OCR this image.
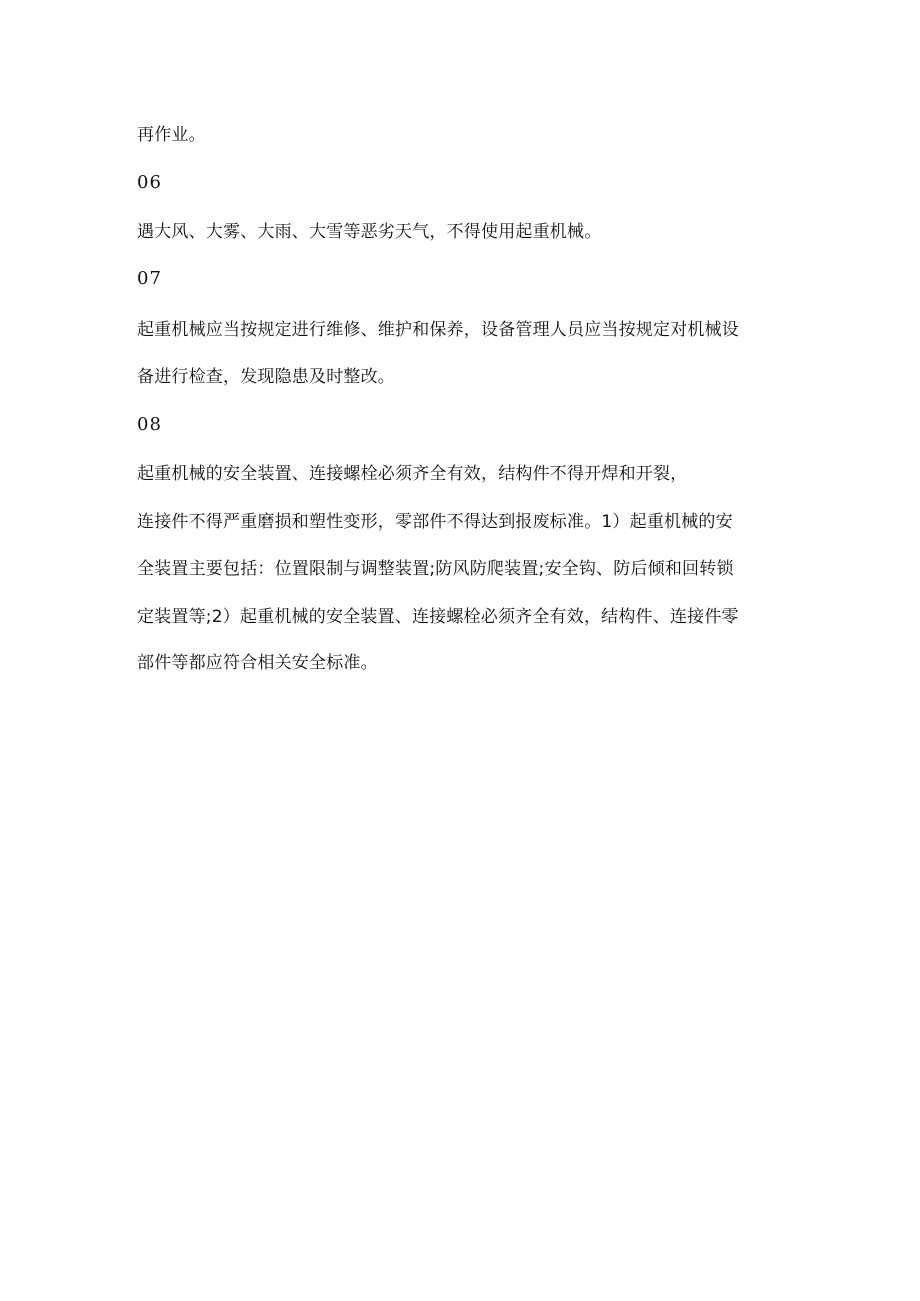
再作业。
06
遇大风、大雾、大雨、大雪等恶劣天气，不得使用起重机械。
07
起重机械应当按规定进行维修、维护和保养，设备管理人员应当按规定对机械设
备进行检查，发现隐患及时整改。
08
起重机械的安全装置、连接螺栓必须齐全有效，结构件不得开焊和开裂，
连接件不得严重磨损和塑性变形，零部件不得达到报废标准。1）起重机械的安
全装置主要包括：位置限制与调整装置;防风防爬装置;安全钩、防后倾和回转锁
定装置等;2）起重机械的安全装置、连接螺栓必须齐全有效，结构件、连接件零
部件等都应符合相关安全标准。
